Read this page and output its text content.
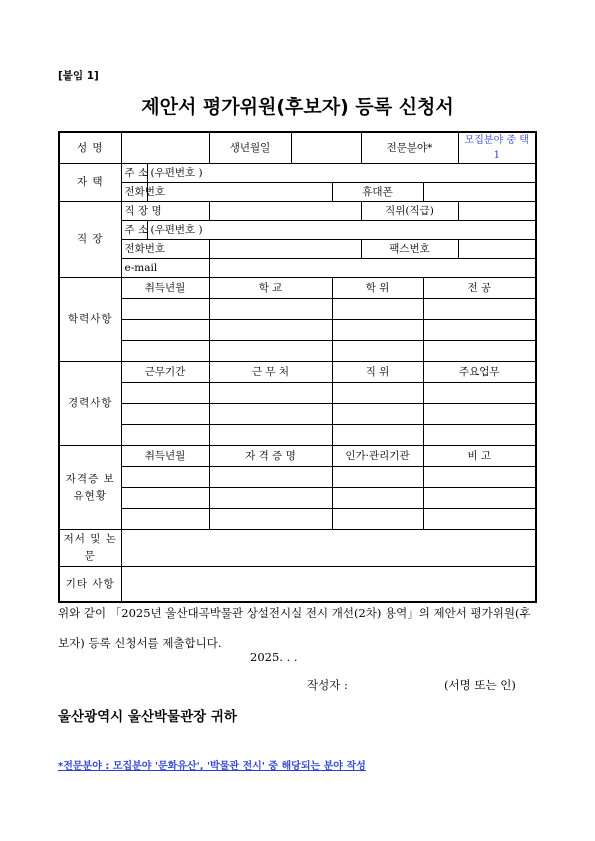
[붙임 1]
제안서 평가위원(후보자) 등록 신청서
성 명			생년월일			전문분야*		모집분야 중 택1
자 택	주 소	(우편번호 )						
	전화번호				휴대폰			
직 장	직 장 명					직위(직급)		
	주 소	(우편번호 )						
	전화번호					팩스번호		
	e-mail							
학력사항	취득년월		학 교		학 위		전 공	

경력사항	근무기간		근 무 처		직 위		주요업무	

자격증 보유현황	취득년월		자 격 증 명		인가·관리기관		비 고	

저서 및 논문								
기타 사항								
위와 같이 「2025년 울산대곡박물관 상설전시실 전시 개선(2차) 용역」의 제안서 평가위원(후보자) 등록 신청서를 제출합니다.
2025. . .
작성자 :	(서명 또는 인)
울산광역시 울산박물관장 귀하
*전문분야 : 모집분야 '문화유산', '박물관 전시' 중 해당되는 분야 작성
